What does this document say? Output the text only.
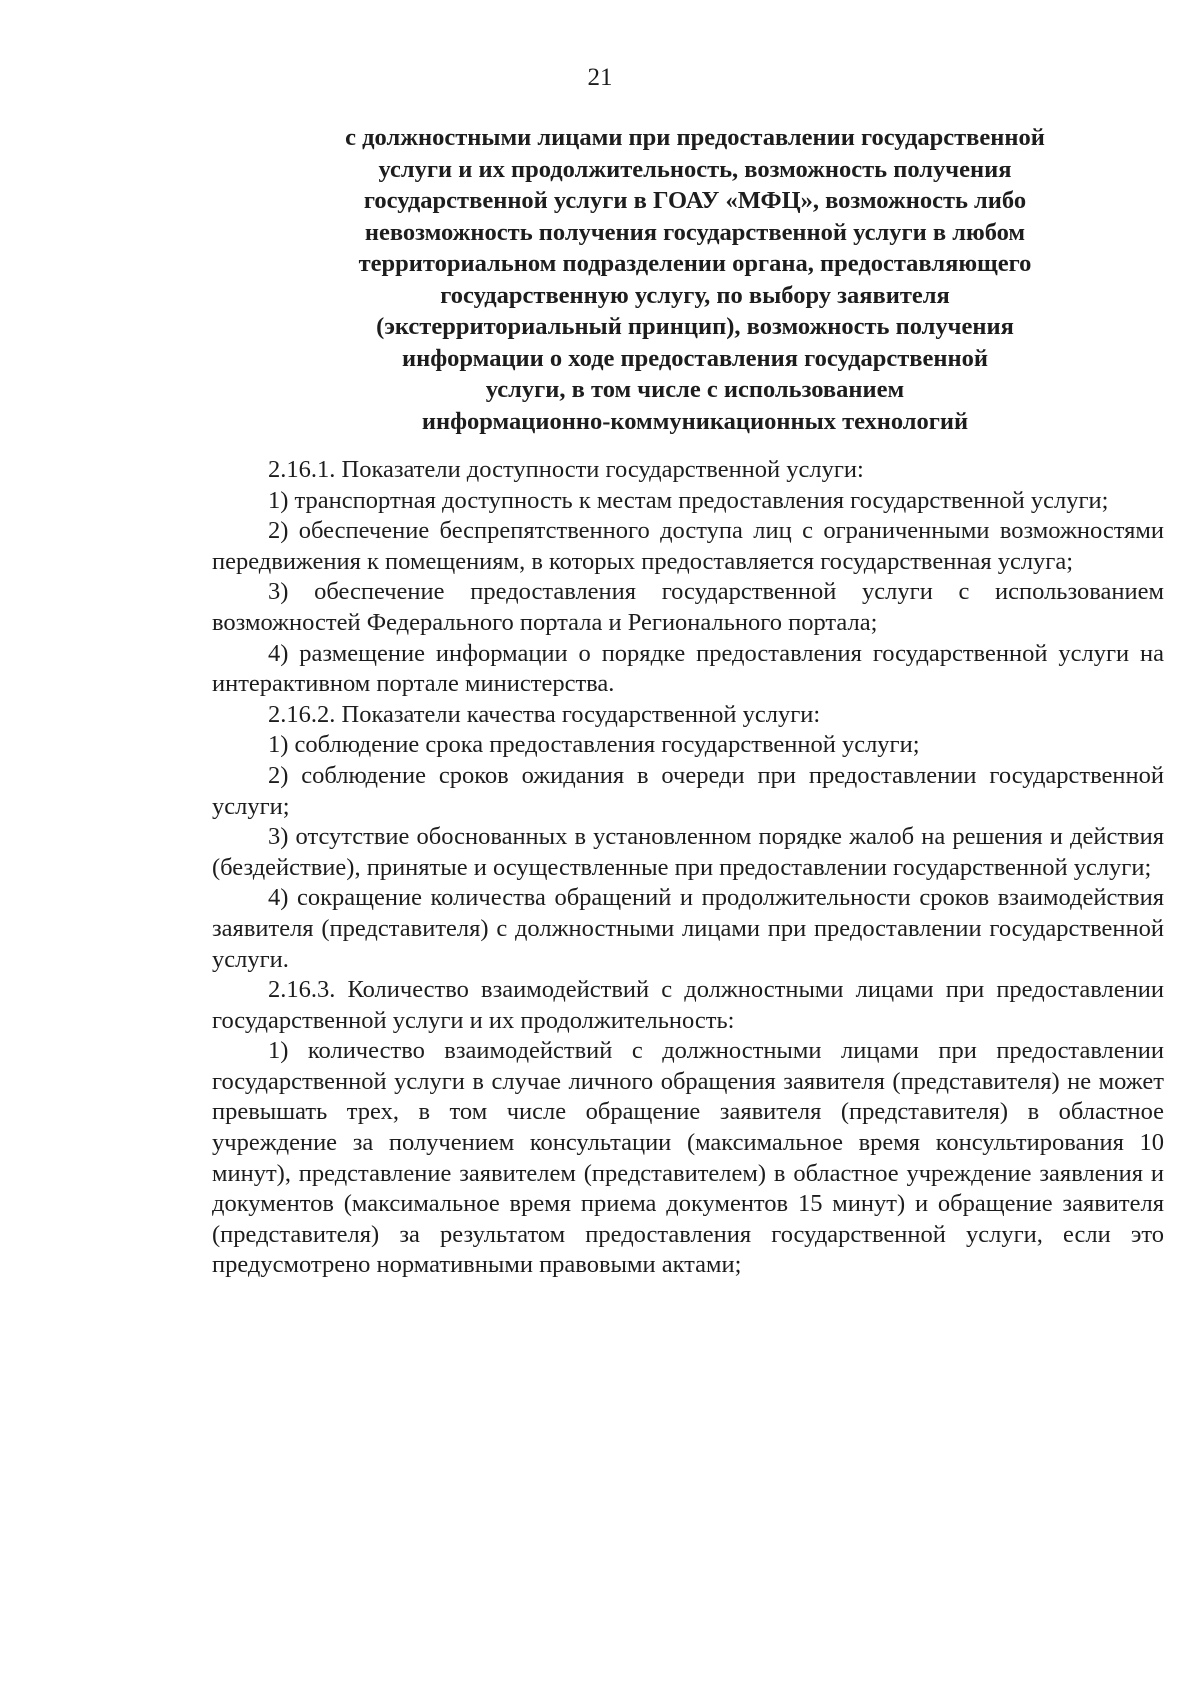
21
с должностными лицами при предоставлении государственной
услуги и их продолжительность, возможность получения
государственной услуги в ГОАУ «МФЦ», возможность либо
невозможность получения государственной услуги в любом
территориальном подразделении органа, предоставляющего
государственную услугу, по выбору заявителя
(экстерриториальный принцип), возможность получения
информации о ходе предоставления государственной
услуги, в том числе с использованием
информационно-коммуникационных технологий

2.16.1. Показатели доступности государственной услуги:

1) транспортная доступность к местам предоставления государственной услуги;

2) обеспечение беспрепятственного доступа лиц с ограниченными возможностями передвижения к помещениям, в которых предоставляется государственная услуга;

3) обеспечение предоставления государственной услуги с использованием возможностей Федерального портала и Регионального портала;

4) размещение информации о порядке предоставления государственной услуги на интерактивном портале министерства.

2.16.2. Показатели качества государственной услуги:

1) соблюдение срока предоставления государственной услуги;

2) соблюдение сроков ожидания в очереди при предоставлении государственной услуги;

3) отсутствие обоснованных в установленном порядке жалоб на решения и действия (бездействие), принятые и осуществленные при предоставлении государственной услуги;

4) сокращение количества обращений и продолжительности сроков взаимодействия заявителя (представителя) с должностными лицами при предоставлении государственной услуги.

2.16.3. Количество взаимодействий с должностными лицами при предоставлении государственной услуги и их продолжительность:

1) количество взаимодействий с должностными лицами при предоставлении государственной услуги в случае личного обращения заявителя (представителя) не может превышать трех, в том числе обращение заявителя (представителя) в областное учреждение за получением консультации (максимальное время консультирования 10 минут), представление заявителем (представителем) в областное учреждение заявления и документов (максимальное время приема документов 15 минут) и обращение заявителя (представителя) за результатом предоставления государственной услуги, если это предусмотрено нормативными правовыми актами;
